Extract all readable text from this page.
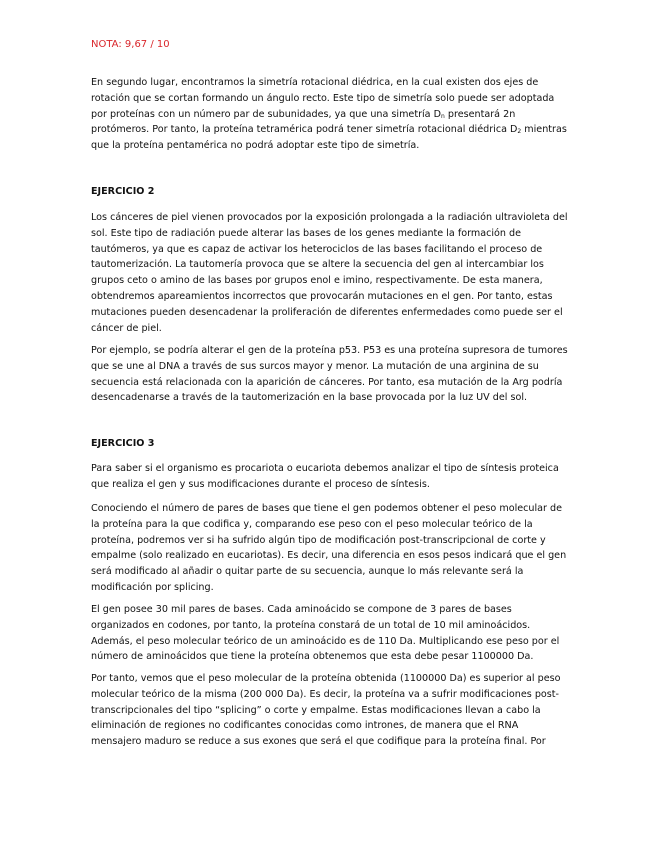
NOTA: 9,67 / 10

En segundo lugar, encontramos la simetría rotacional diédrica, en la cual existen dos ejes de rotación que se cortan formando un ángulo recto. Este tipo de simetría solo puede ser adoptada por proteínas con un número par de subunidades, ya que una simetría $D_n$ presentará 2n protómeros. Por tanto, la proteína tetramérica podrá tener simetría rotacional diédrica $D_2$ mientras que la proteína pentamérica no podrá adoptar este tipo de simetría.

EJERCICIO 2

Los cánceres de piel vienen provocados por la exposición prolongada a la radiación ultravioleta del sol. Este tipo de radiación puede alterar las bases de los genes mediante la formación de tautómeros, ya que es capaz de activar los heterociclos de las bases facilitando el proceso de tautomerización. La tautomería provoca que se altere la secuencia del gen al intercambiar los grupos ceto o amino de las bases por grupos enol e imino, respectivamente. De esta manera, obtendremos apareamientos incorrectos que provocarán mutaciones en el gen. Por tanto, estas mutaciones pueden desencadenar la proliferación de diferentes enfermedades como puede ser el cáncer de piel.

Por ejemplo, se podría alterar el gen de la proteína p53. P53 es una proteína supresora de tumores que se une al DNA a través de sus surcos mayor y menor. La mutación de una arginina de su secuencia está relacionada con la aparición de cánceres. Por tanto, esa mutación de la Arg podría desencadenarse a través de la tautomerización en la base provocada por la luz UV del sol.

EJERCICIO 3

Para saber si el organismo es procariota o eucariota debemos analizar el tipo de síntesis proteica que realiza el gen y sus modificaciones durante el proceso de síntesis.

Conociendo el número de pares de bases que tiene el gen podemos obtener el peso molecular de la proteína para la que codifica y, comparando ese peso con el peso molecular teórico de la proteína, podremos ver si ha sufrido algún tipo de modificación post-transcripcional de corte y empalme (solo realizado en eucariotas). Es decir, una diferencia en esos pesos indicará que el gen será modificado al añadir o quitar parte de su secuencia, aunque lo más relevante será la modificación por splicing.

El gen posee 30 mil pares de bases. Cada aminoácido se compone de 3 pares de bases organizados en codones, por tanto, la proteína constará de un total de 10 mil aminoácidos. Además, el peso molecular teórico de un aminoácido es de 110 Da. Multiplicando ese peso por el número de aminoácidos que tiene la proteína obtenemos que esta debe pesar 1100000 Da.

Por tanto, vemos que el peso molecular de la proteína obtenida (1100000 Da) es superior al peso molecular teórico de la misma (200 000 Da). Es decir, la proteína va a sufrir modificaciones post-transcripcionales del tipo “splicing” o corte y empalme. Estas modificaciones llevan a cabo la eliminación de regiones no codificantes conocidas como intrones, de manera que el RNA mensajero maduro se reduce a sus exones que será el que codifique para la proteína final. Por
